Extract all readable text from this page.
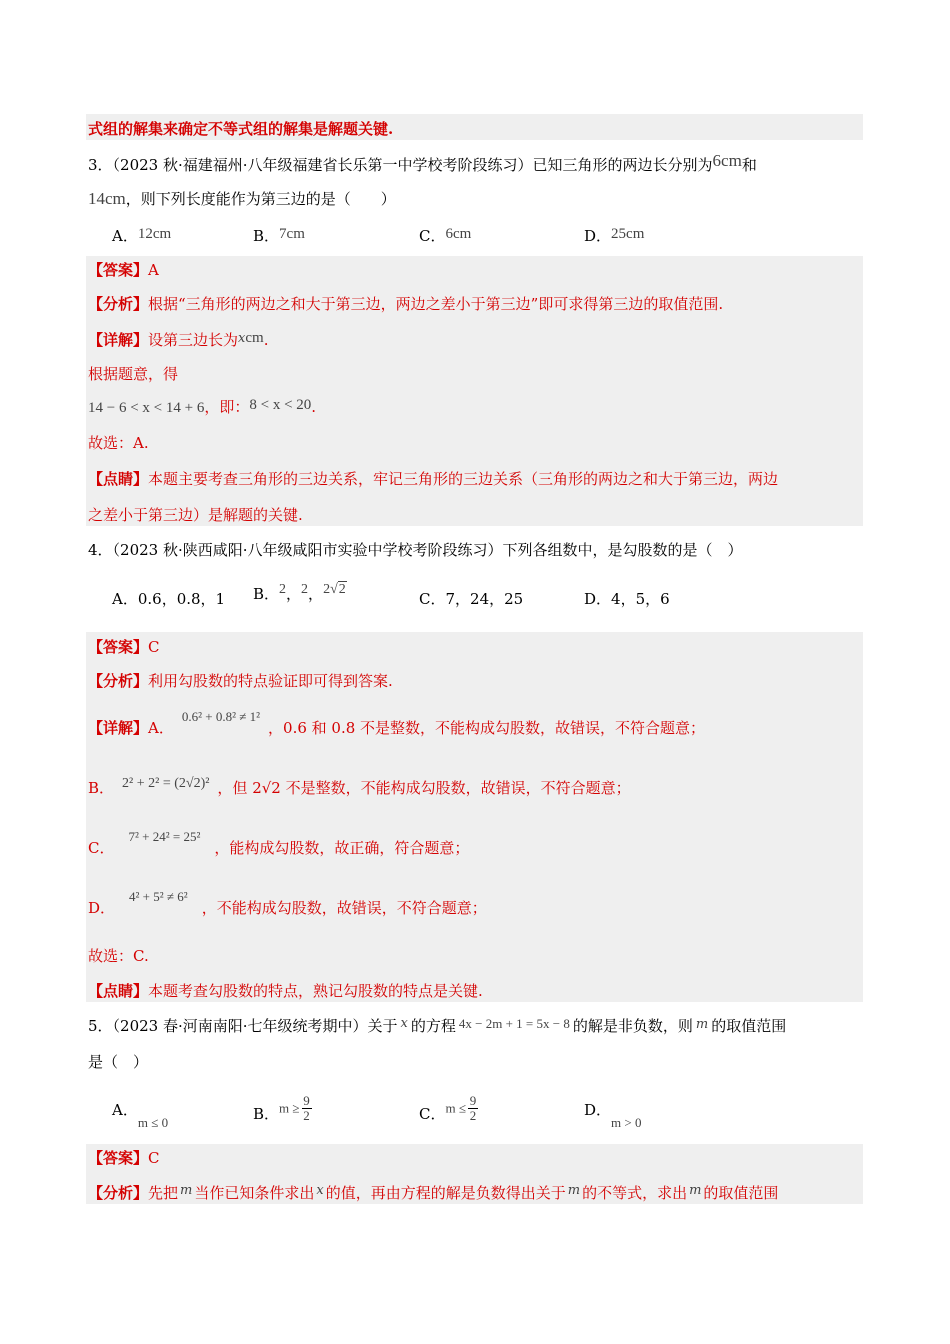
式组的解集来确定不等式组的解集是解题关键.
3．（2023 秋·福建福州·八年级福建省长乐第一中学校考阶段练习）已知三角形的两边长分别为6cm和
14cm，则下列长度能作为第三边的是（　　）
A．12cm	B．7cm	C．6cm	D．25cm
【答案】A
【分析】根据“三角形的两边之和大于第三边，两边之差小于第三边”即可求得第三边的取值范围.
【详解】设第三边长为xcm.
根据题意，得
14 − 6 < x < 14 + 6，即：8 < x < 20.
故选：A.
【点睛】本题主要考查三角形的三边关系，牢记三角形的三边关系（三角形的两边之和大于第三边，两边
之差小于第三边）是解题的关键.
4．（2023 秋·陕西咸阳·八年级咸阳市实验中学校考阶段练习）下列各组数中，是勾股数的是（　）
A．0.6，0.8，1 B．2，2，2√2
C．7，24，25	D．4，5，6
【答案】C
【分析】利用勾股数的特点验证即可得到答案.
【详解】A．0.6² + 0.8² ≠ 1²，0.6 和 0.8 不是整数，不能构成勾股数，故错误，不符合题意；
B． 2² + 2² = (2√2)² ，但 2√2 不是整数，不能构成勾股数，故错误，不符合题意；
C．7² + 24² = 25²，能构成勾股数，故正确，符合题意；
D．4² + 5² ≠ 6²，不能构成勾股数，故错误，不符合题意；
故选：C.
【点睛】本题考查勾股数的特点，熟记勾股数的特点是关键.
5．（2023 春·河南南阳·七年级统考期中）关于 x 的方程 4x − 2m + 1 = 5x − 8 的解是非负数，则 m 的取值范围
是（　）
A．m ≤ 0	B．$m \ge \frac{9}{2}$	C．$m \le \frac{9}{2}$	D．m > 0
【答案】C
【分析】先把 m 当作已知条件求出 x 的值，再由方程的解是负数得出关于 m 的不等式，求出 m 的取值范围
